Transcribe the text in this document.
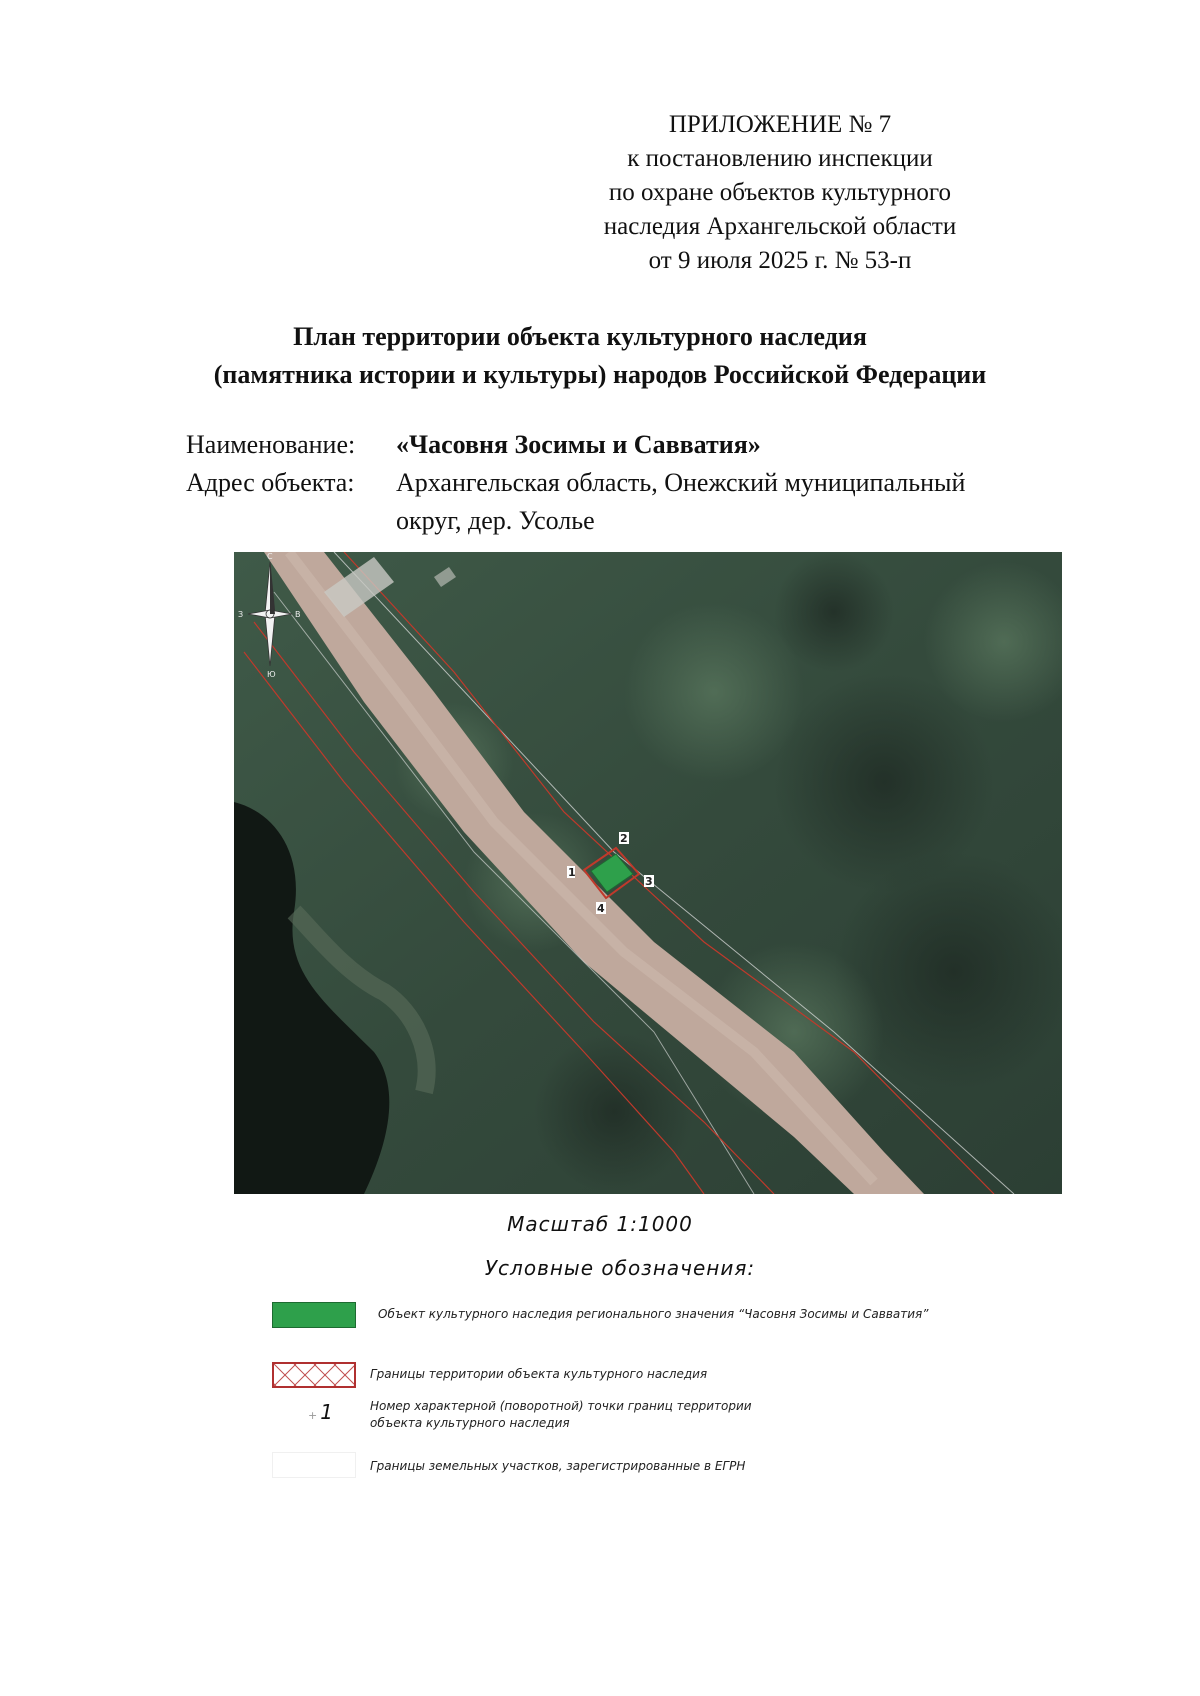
ПРИЛОЖЕНИЕ № 7
к постановлению инспекции
по охране объектов культурного
наследия Архангельской области
от 9 июля 2025 г. № 53-п
План территории объекта культурного наследия
(памятника истории и культуры) народов Российской Федерации
Наименование:	«Часовня Зосимы и Савватия»
Адрес объекта:	Архангельская область, Онежский муниципальный округ, дер. Усолье
2
1
3
4
С
Ю
З	В
Масштаб 1:1000
Условные обозначения:
Объект культурного наследия регионального значения “Часовня Зосимы и Савватия”
Границы территории объекта культурного наследия
+ 1	Номер характерной (поворотной) точки границ территории объекта культурного наследия
Границы земельных участков, зарегистрированные в ЕГРН
